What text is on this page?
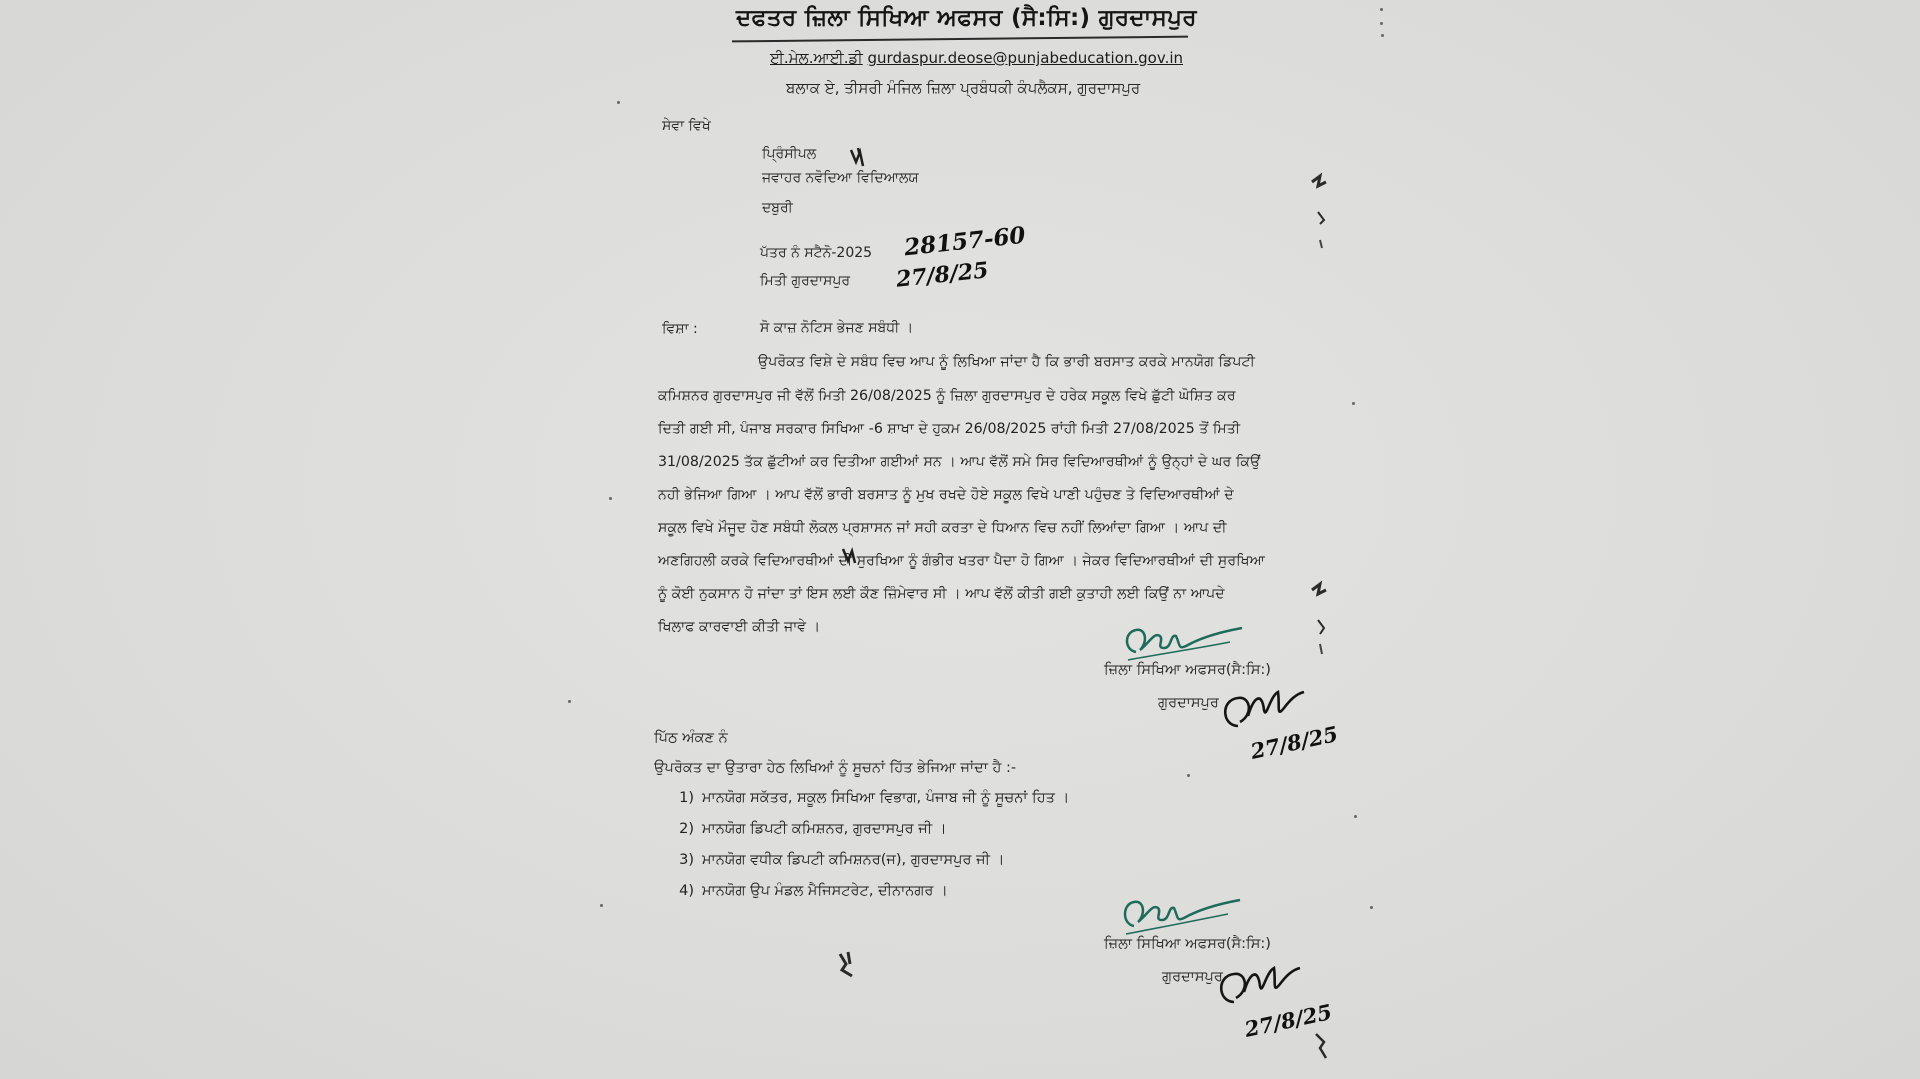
ਦਫਤਰ ਜ਼ਿਲਾ ਸਿਖਿਆ ਅਫਸਰ (ਸੈ:ਸਿ:) ਗੁਰਦਾਸਪੁਰ
ਈ.ਮੇਲ.ਆਈ.ਡੀ gurdaspur.deose@punjabeducation.gov.in
ਬਲਾਕ ਏ, ਤੀਸਰੀ ਮੰਜਿਲ ਜ਼ਿਲਾ ਪ੍ਰਬੰਧਕੀ ਕੰਪਲੈਕਸ, ਗੁਰਦਾਸਪੁਰ
ਸੇਵਾ ਵਿਖੇ
ਪ੍ਰਿੰਸੀਪਲ
ਜਵਾਹਰ ਨਵੋਦਿਆ ਵਿਦਿਆਲਯ
ਦਬੁਰੀ
ਪੱਤਰ ਨੰ ਸਟੈਨੋ-2025 28157-60
ਮਿਤੀ ਗੁਰਦਾਸਪੁਰ 27/8/25
ਵਿਸ਼ਾ :	ਸੋ ਕਾਜ਼ ਨੋਟਿਸ ਭੇਜਣ ਸਬੰਧੀ ।
ਉਪਰੋਕਤ ਵਿਸ਼ੇ ਦੇ ਸਬੰਧ ਵਿਚ ਆਪ ਨੂੰ ਲਿਖਿਆ ਜਾਂਦਾ ਹੈ ਕਿ ਭਾਰੀ ਬਰਸਾਤ ਕਰਕੇ ਮਾਨਯੋਗ ਡਿਪਟੀ
ਕਮਿਸ਼ਨਰ ਗੁਰਦਾਸਪੁਰ ਜੀ ਵੱਲੋਂ ਮਿਤੀ 26/08/2025 ਨੂੰ ਜ਼ਿਲਾ ਗੁਰਦਾਸਪੁਰ ਦੇ ਹਰੇਕ ਸਕੂਲ ਵਿਖੇ ਛੁੱਟੀ ਘੋਸ਼ਿਤ ਕਰ
ਦਿਤੀ ਗਈ ਸੀ, ਪੰਜਾਬ ਸਰਕਾਰ ਸਿਖਿਆ -6 ਸ਼ਾਖਾ ਦੇ ਹੁਕਮ 26/08/2025 ਰਾਂਹੀ ਮਿਤੀ 27/08/2025 ਤੋਂ ਮਿਤੀ
31/08/2025 ਤੱਕ ਛੁੱਟੀਆਂ ਕਰ ਦਿਤੀਆ ਗਈਆਂ ਸਨ । ਆਪ ਵੱਲੋਂ ਸਮੇ ਸਿਰ ਵਿਦਿਆਰਥੀਆਂ ਨੂੰ ਉਨ੍ਹਾਂ ਦੇ ਘਰ ਕਿਉਂ
ਨਹੀ ਭੇਜਿਆ ਗਿਆ । ਆਪ ਵੱਲੋਂ ਭਾਰੀ ਬਰਸਾਤ ਨੂੰ ਮੁਖ ਰਖਦੇ ਹੋਏ ਸਕੂਲ ਵਿਖੇ ਪਾਣੀ ਪਹੁੰਚਣ ਤੇ ਵਿਦਿਆਰਥੀਆਂ ਦੇ
ਸਕੂਲ ਵਿਖੇ ਮੌਜੂਦ ਹੋਣ ਸਬੰਧੀ ਲੋਕਲ ਪ੍ਰਸ਼ਾਸਨ ਜਾਂ ਸਹੀ ਕਰਤਾ ਦੇ ਧਿਆਨ ਵਿਚ ਨਹੀਂ ਲਿਆਂਦਾ ਗਿਆ । ਆਪ ਦੀ
ਅਣਗਿਹਲੀ ਕਰਕੇ ਵਿਦਿਆਰਥੀਆਂ ਦੀ ਸੁਰਖਿਆ ਨੂੰ ਗੰਭੀਰ ਖਤਰਾ ਪੈਦਾ ਹੋ ਗਿਆ । ਜੇਕਰ ਵਿਦਿਆਰਥੀਆਂ ਦੀ ਸੁਰਖਿਆ
ਨੂੰ ਕੋਈ ਨੁਕਸਾਨ ਹੋ ਜਾਂਦਾ ਤਾਂ ਇਸ ਲਈ ਕੌਣ ਜ਼ਿੰਮੇਵਾਰ ਸੀ । ਆਪ ਵੱਲੋਂ ਕੀਤੀ ਗਈ ਕੁਤਾਹੀ ਲਈ ਕਿਉਂ ਨਾ ਆਪਦੇ
ਖਿਲਾਫ ਕਾਰਵਾਈ ਕੀਤੀ ਜਾਵੇ ।
ਜ਼ਿਲਾ ਸਿਖਿਆ ਅਫਸਰ(ਸੈ:ਸਿ:)
ਗੁਰਦਾਸਪੁਰ
27/8/25
ਪਿੱਠ ਅੰਕਣ ਨੰ
ਉਪਰੋਕਤ ਦਾ ਉਤਾਰਾ ਹੇਠ ਲਿਖਿਆਂ ਨੂੰ ਸੂਚਨਾਂ ਹਿੱਤ ਭੇਜਿਆ ਜਾਂਦਾ ਹੈ :-
1) ਮਾਨਯੋਗ ਸਕੱਤਰ, ਸਕੂਲ ਸਿਖਿਆ ਵਿਭਾਗ, ਪੰਜਾਬ ਜੀ ਨੂੰ ਸੂਚਨਾਂ ਹਿਤ ।
2) ਮਾਨਯੋਗ ਡਿਪਟੀ ਕਮਿਸ਼ਨਰ, ਗੁਰਦਾਸਪੁਰ ਜੀ ।
3) ਮਾਨਯੋਗ ਵਧੀਕ ਡਿਪਟੀ ਕਮਿਸ਼ਨਰ(ਜ), ਗੁਰਦਾਸਪੁਰ ਜੀ ।
4) ਮਾਨਯੋਗ ਉਪ ਮੰਡਲ ਮੈਜਿਸਟਰੇਟ, ਦੀਨਾਨਗਰ ।
ਜ਼ਿਲਾ ਸਿਖਿਆ ਅਫਸਰ(ਸੈ:ਸਿ:)
ਗੁਰਦਾਸਪੁਰ
27/8/25
